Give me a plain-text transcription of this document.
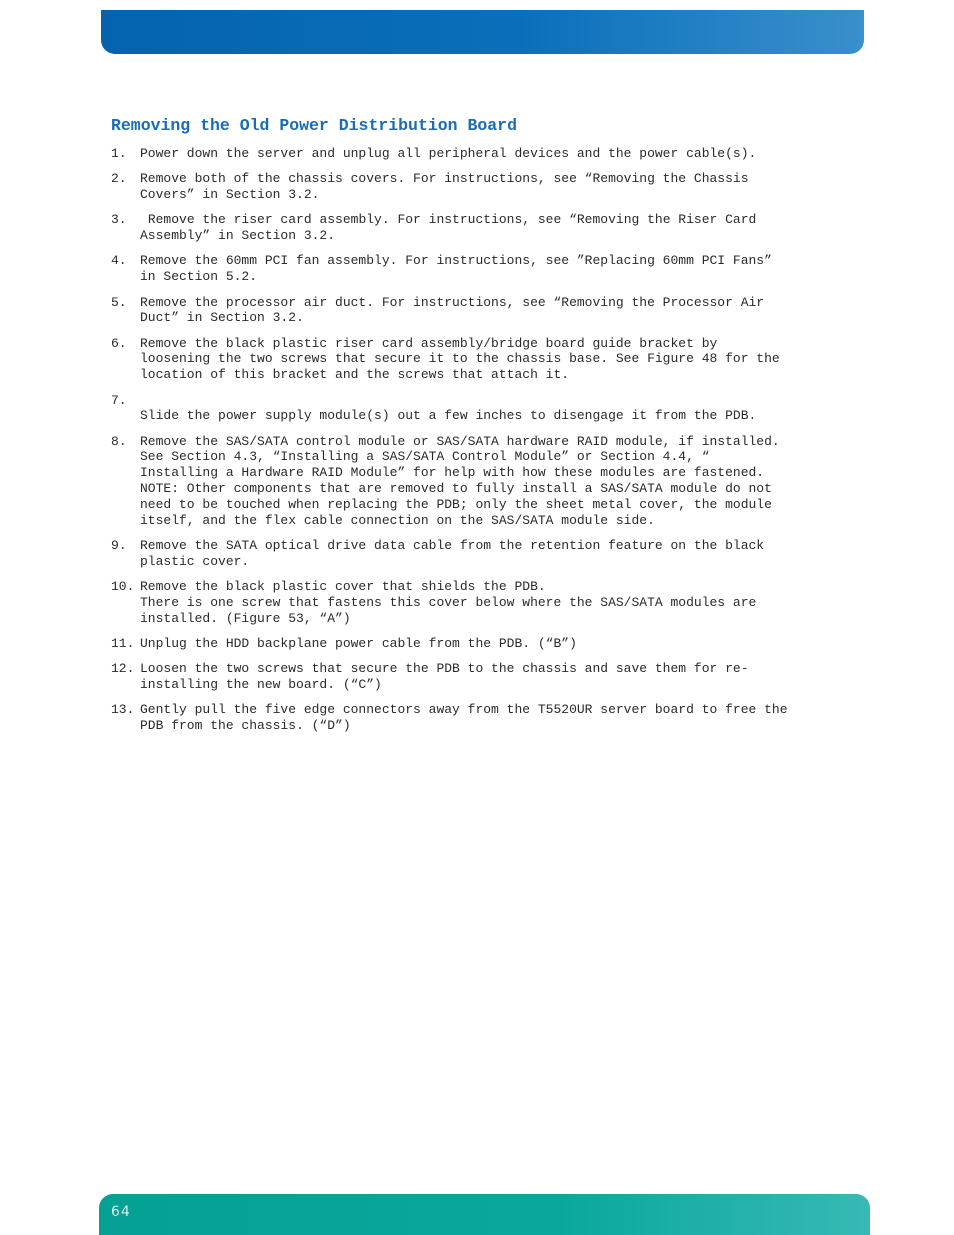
Removing the Old Power Distribution Board
1.	Power down the server and unplug all peripheral devices and the power cable(s).
2.	Remove both of the chassis covers. For instructions, see “Removing the Chassis
Covers” in Section 3.2.
3.	Remove the riser card assembly. For instructions, see “Removing the Riser Card
Assembly” in Section 3.2.
4.	Remove the 60mm PCI fan assembly. For instructions, see ”Replacing 60mm PCI Fans”
in Section 5.2.
5.	Remove the processor air duct. For instructions, see “Removing the Processor Air
Duct” in Section 3.2.
6.	Remove the black plastic riser card assembly/bridge board guide bracket by
loosening the two screws that secure it to the chassis base. See Figure 48 for the
location of this bracket and the screws that attach it.
7.

Slide the power supply module(s) out a few inches to disengage it from the PDB.
8.	Remove the SAS/SATA control module or SAS/SATA hardware RAID module, if installed.
See Section 4.3, “Installing a SAS/SATA Control Module” or Section 4.4, “
Installing a Hardware RAID Module” for help with how these modules are fastened.
NOTE: Other components that are removed to fully install a SAS/SATA module do not
need to be touched when replacing the PDB; only the sheet metal cover, the module
itself, and the flex cable connection on the SAS/SATA module side.
9.	Remove the SATA optical drive data cable from the retention feature on the black
plastic cover.
10. Remove the black plastic cover that shields the PDB.
There is one screw that fastens this cover below where the SAS/SATA modules are
installed. (Figure 53, “A”)
11. Unplug the HDD backplane power cable from the PDB. (“B”)
12. Loosen the two screws that secure the PDB to the chassis and save them for re-
installing the new board. (“C”)
13. Gently pull the five edge connectors away from the T5520UR server board to free the
PDB from the chassis. (“D”)
64
